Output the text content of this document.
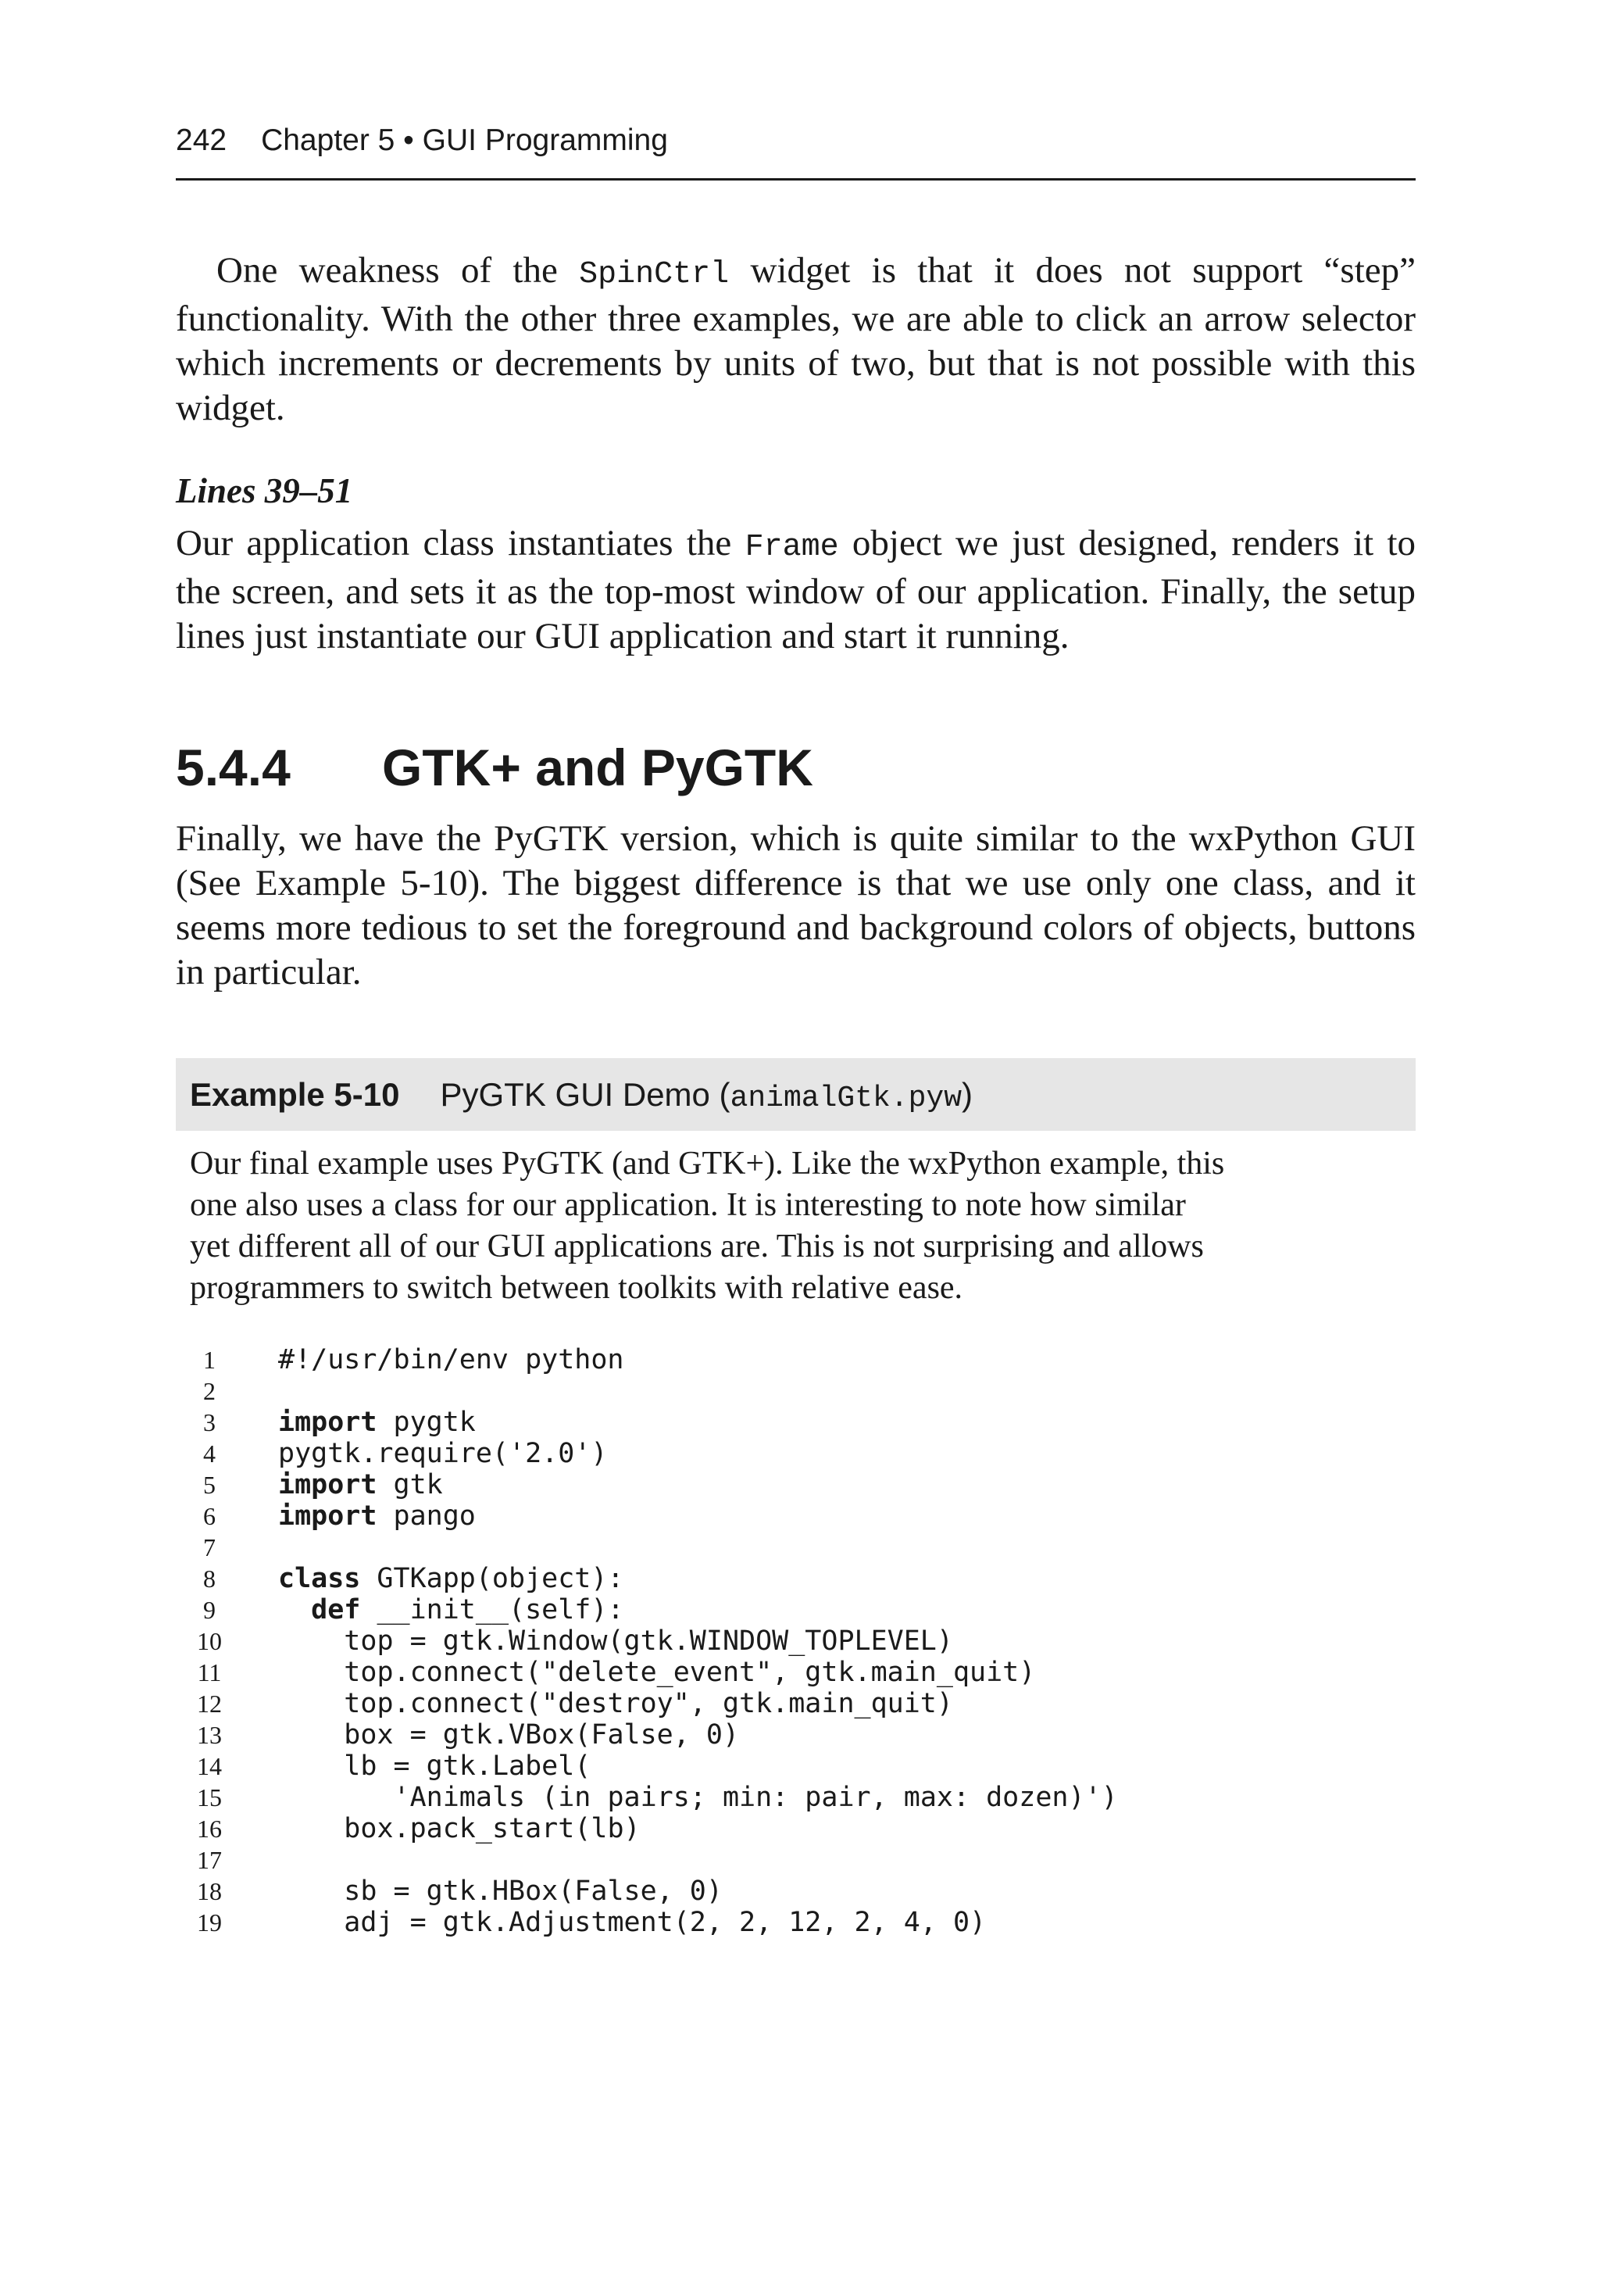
242 Chapter 5 • GUI Programming

One weakness of the SpinCtrl widget is that it does not support “step” functionality. With the other three examples, we are able to click an arrow selector which increments or decrements by units of two, but that is not possible with this widget.

Lines 39–51

Our application class instantiates the Frame object we just designed, renders it to the screen, and sets it as the top-most window of our application. Finally, the setup lines just instantiate our GUI application and start it running.

5.4.4 GTK+ and PyGTK

Finally, we have the PyGTK version, which is quite similar to the wxPython GUI (See Example 5-10). The biggest difference is that we use only one class, and it seems more tedious to set the foreground and background colors of objects, buttons in particular.

Example 5-10 PyGTK GUI Demo (animalGtk.pyw)
Our final example uses PyGTK (and GTK+). Like the wxPython example, this
one also uses a class for our application. It is interesting to note how similar
yet different all of our GUI applications are. This is not surprising and allows
programmers to switch between toolkits with relative ease.
1	#!/usr/bin/env python
2
3	import pygtk
4	pygtk.require('2.0')
5	import gtk
6	import pango
7
8	class GTKapp(object):
9	def __init__(self):
10	top = gtk.Window(gtk.WINDOW_TOPLEVEL)
11	top.connect("delete_event", gtk.main_quit)
12	top.connect("destroy", gtk.main_quit)
13	box = gtk.VBox(False, 0)
14	lb = gtk.Label(
15	'Animals (in pairs; min: pair, max: dozen)')
16	box.pack_start(lb)
17
18	sb = gtk.HBox(False, 0)
19	adj = gtk.Adjustment(2, 2, 12, 2, 4, 0)
